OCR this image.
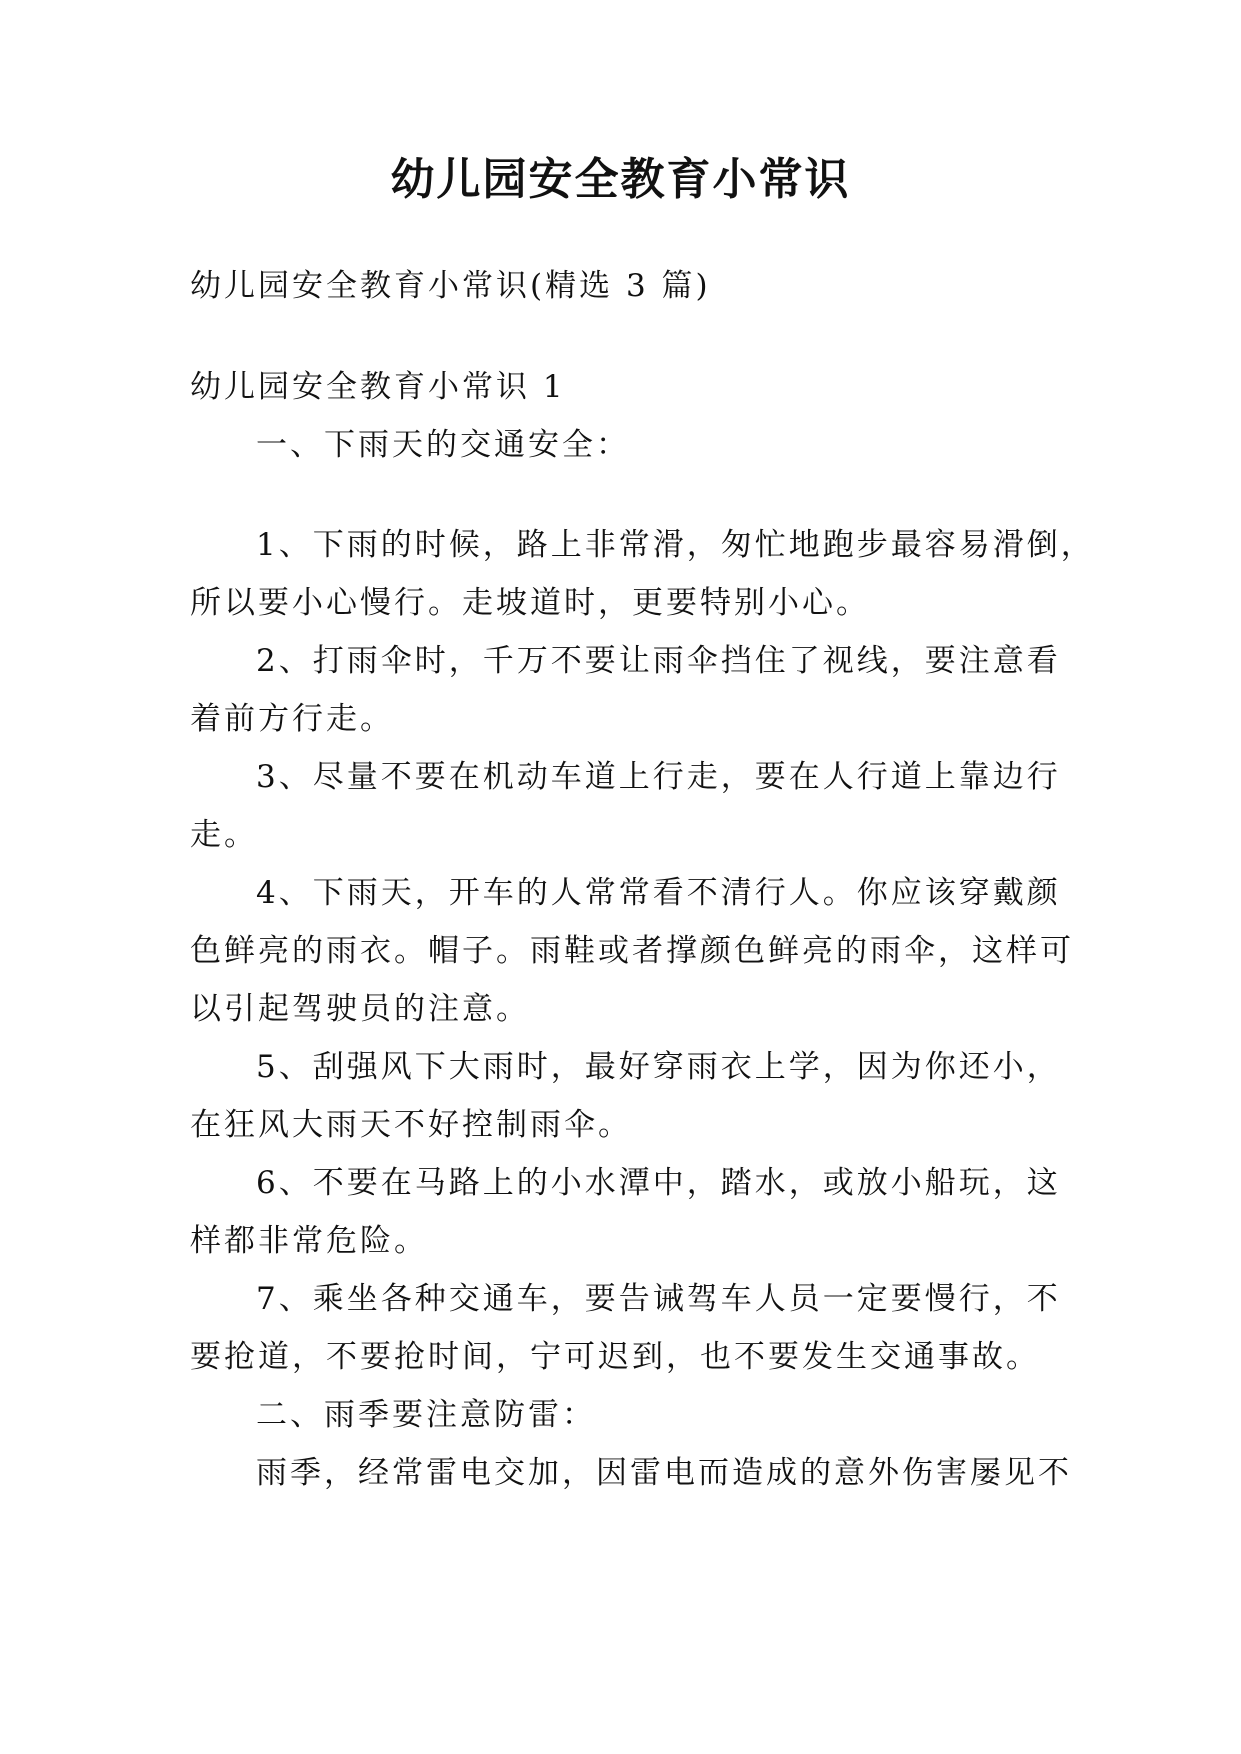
幼儿园安全教育小常识
幼儿园安全教育小常识(精选 3 篇)
幼儿园安全教育小常识 1
一、下雨天的交通安全：
1、下雨的时候，路上非常滑，匆忙地跑步最容易滑倒，
所以要小心慢行。走坡道时，更要特别小心。
2、打雨伞时，千万不要让雨伞挡住了视线，要注意看
着前方行走。
3、尽量不要在机动车道上行走，要在人行道上靠边行
走。
4、下雨天，开车的人常常看不清行人。你应该穿戴颜
色鲜亮的雨衣。帽子。雨鞋或者撑颜色鲜亮的雨伞，这样可
以引起驾驶员的注意。
5、刮强风下大雨时，最好穿雨衣上学，因为你还小，
在狂风大雨天不好控制雨伞。
6、不要在马路上的小水潭中，踏水，或放小船玩，这
样都非常危险。
7、乘坐各种交通车，要告诫驾车人员一定要慢行，不
要抢道，不要抢时间，宁可迟到，也不要发生交通事故。
二、雨季要注意防雷：
雨季，经常雷电交加，因雷电而造成的意外伤害屡见不
